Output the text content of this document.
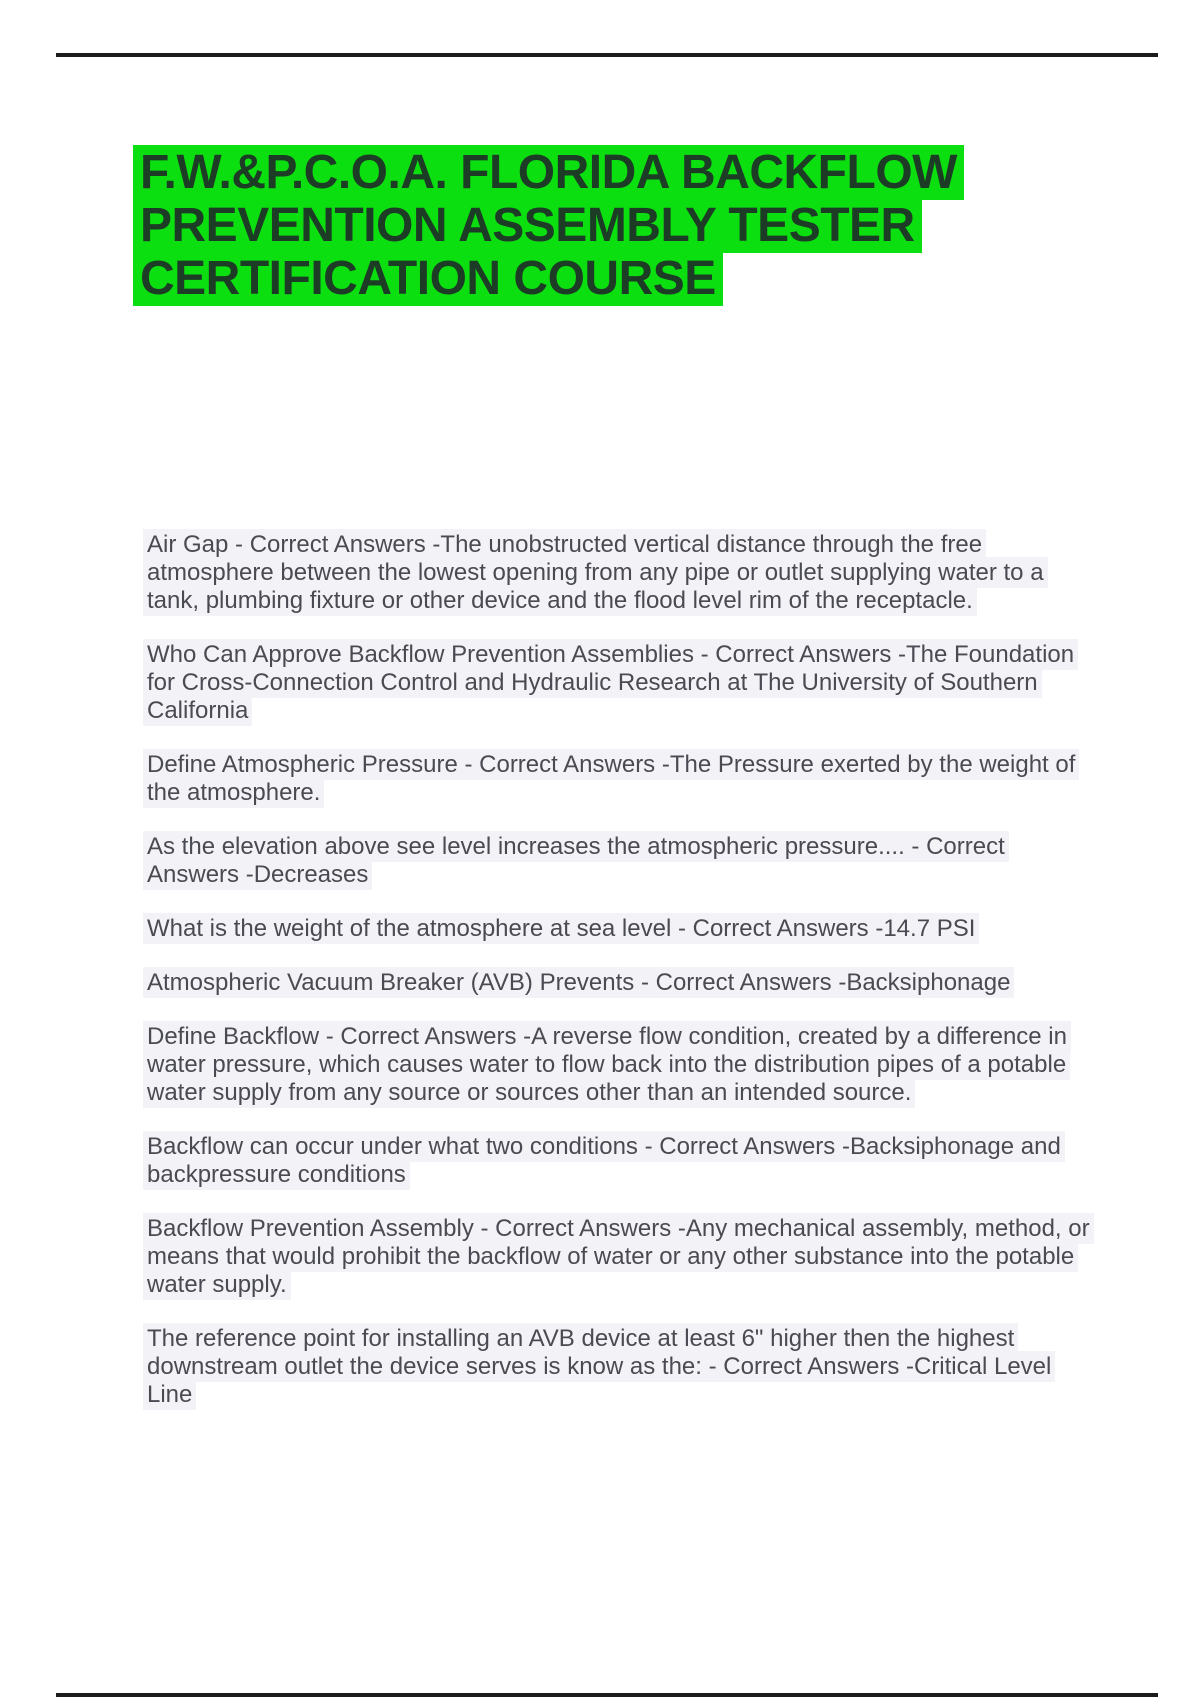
F.W.&P.C.O.A. FLORIDA BACKFLOW PREVENTION ASSEMBLY TESTER CERTIFICATION COURSE

Air Gap - Correct Answers -The unobstructed vertical distance through the free atmosphere between the lowest opening from any pipe or outlet supplying water to a tank, plumbing fixture or other device and the flood level rim of the receptacle.

Who Can Approve Backflow Prevention Assemblies - Correct Answers -The Foundation for Cross-Connection Control and Hydraulic Research at The University of Southern California

Define Atmospheric Pressure - Correct Answers -The Pressure exerted by the weight of the atmosphere.

As the elevation above see level increases the atmospheric pressure.... - Correct Answers -Decreases

What is the weight of the atmosphere at sea level - Correct Answers -14.7 PSI

Atmospheric Vacuum Breaker (AVB) Prevents - Correct Answers -Backsiphonage

Define Backflow - Correct Answers -A reverse flow condition, created by a difference in water pressure, which causes water to flow back into the distribution pipes of a potable water supply from any source or sources other than an intended source.

Backflow can occur under what two conditions - Correct Answers -Backsiphonage and backpressure conditions

Backflow Prevention Assembly - Correct Answers -Any mechanical assembly, method, or means that would prohibit the backflow of water or any other substance into the potable water supply.

The reference point for installing an AVB device at least 6" higher then the highest downstream outlet the device serves is know as the: - Correct Answers -Critical Level Line
